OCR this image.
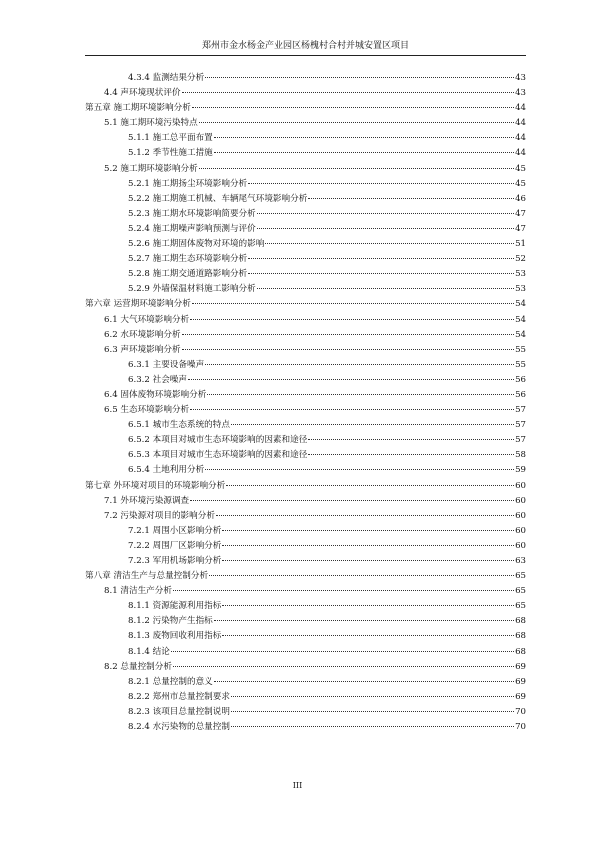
郑州市金水杨金产业园区杨槐村合村并城安置区项目
4.3.4 监测结果分析	43
4.4 声环境现状评价	43
第五章 施工期环境影响分析	44
5.1 施工期环境污染特点	44
5.1.1 施工总平面布置	44
5.1.2 季节性施工措施	44
5.2 施工期环境影响分析	45
5.2.1 施工期扬尘环境影响分析	45
5.2.2 施工期施工机械、车辆尾气环境影响分析	46
5.2.3 施工期水环境影响简要分析	47
5.2.4 施工期噪声影响预测与评价	47
5.2.6 施工期固体废物对环境的影响	51
5.2.7 施工期生态环境影响分析	52
5.2.8 施工期交通道路影响分析	53
5.2.9 外墙保温材料施工影响分析	53
第六章 运营期环境影响分析	54
6.1 大气环境影响分析	54
6.2 水环境影响分析	54
6.3 声环境影响分析	55
6.3.1 主要设备噪声	55
6.3.2 社会噪声	56
6.4 固体废物环境影响分析	56
6.5 生态环境影响分析	57
6.5.1 城市生态系统的特点	57
6.5.2 本项目对城市生态环境影响的因素和途径	57
6.5.3 本项目对城市生态环境影响的因素和途径	58
6.5.4 土地利用分析	59
第七章 外环境对项目的环境影响分析	60
7.1 外环境污染源调查	60
7.2 污染源对项目的影响分析	60
7.2.1 周围小区影响分析	60
7.2.2 周围厂区影响分析	60
7.2.3 军用机场影响分析	63
第八章 清洁生产与总量控制分析	65
8.1 清洁生产分析	65
8.1.1 资源能源利用指标	65
8.1.2 污染物产生指标	68
8.1.3 废物回收利用指标	68
8.1.4 结论	68
8.2 总量控制分析	69
8.2.1 总量控制的意义	69
8.2.2 郑州市总量控制要求	69
8.2.3 该项目总量控制说明	70
8.2.4 水污染物的总量控制	70
III
